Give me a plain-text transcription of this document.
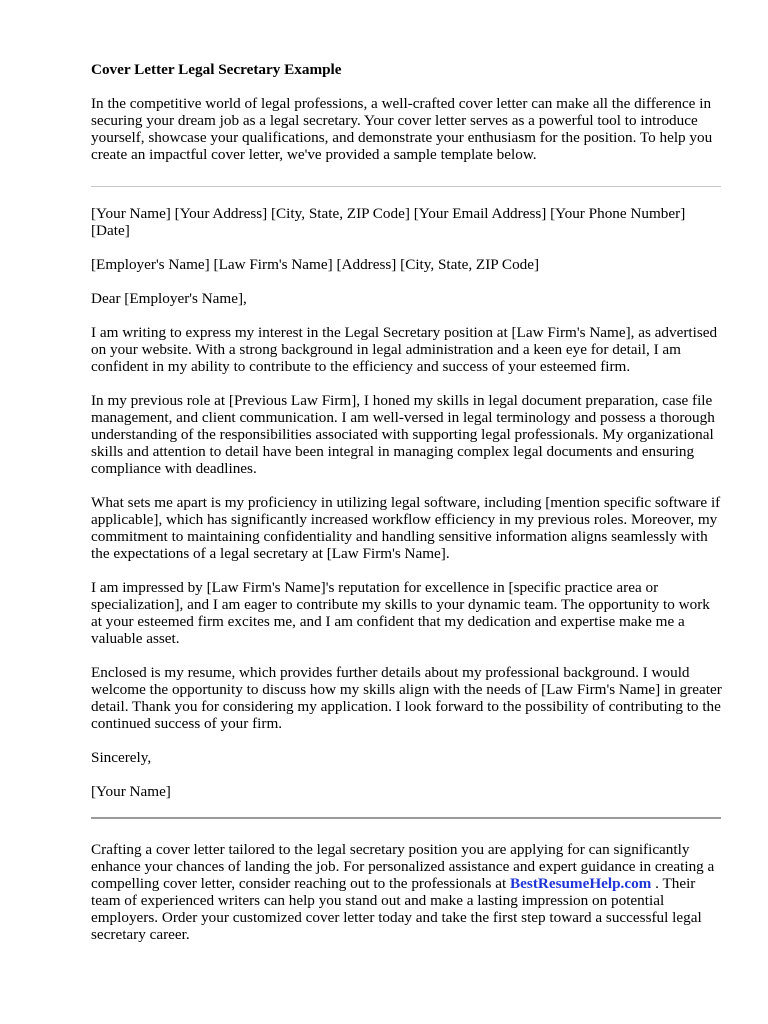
Cover Letter Legal Secretary Example

In the competitive world of legal professions, a well-crafted cover letter can make all the difference in securing your dream job as a legal secretary. Your cover letter serves as a powerful tool to introduce yourself, showcase your qualifications, and demonstrate your enthusiasm for the position. To help you create an impactful cover letter, we've provided a sample template below.

[Your Name] [Your Address] [City, State, ZIP Code] [Your Email Address] [Your Phone Number] [Date]

[Employer's Name] [Law Firm's Name] [Address] [City, State, ZIP Code]

Dear [Employer's Name],

I am writing to express my interest in the Legal Secretary position at [Law Firm's Name], as advertised on your website. With a strong background in legal administration and a keen eye for detail, I am confident in my ability to contribute to the efficiency and success of your esteemed firm.

In my previous role at [Previous Law Firm], I honed my skills in legal document preparation, case file management, and client communication. I am well-versed in legal terminology and possess a thorough understanding of the responsibilities associated with supporting legal professionals. My organizational skills and attention to detail have been integral in managing complex legal documents and ensuring compliance with deadlines.

What sets me apart is my proficiency in utilizing legal software, including [mention specific software if applicable], which has significantly increased workflow efficiency in my previous roles. Moreover, my commitment to maintaining confidentiality and handling sensitive information aligns seamlessly with the expectations of a legal secretary at [Law Firm's Name].

I am impressed by [Law Firm's Name]'s reputation for excellence in [specific practice area or specialization], and I am eager to contribute my skills to your dynamic team. The opportunity to work at your esteemed firm excites me, and I am confident that my dedication and expertise make me a valuable asset.

Enclosed is my resume, which provides further details about my professional background. I would welcome the opportunity to discuss how my skills align with the needs of [Law Firm's Name] in greater detail. Thank you for considering my application. I look forward to the possibility of contributing to the continued success of your firm.

Sincerely,

[Your Name]

Crafting a cover letter tailored to the legal secretary position you are applying for can significantly enhance your chances of landing the job. For personalized assistance and expert guidance in creating a compelling cover letter, consider reaching out to the professionals at BestResumeHelp.com . Their team of experienced writers can help you stand out and make a lasting impression on potential employers. Order your customized cover letter today and take the first step toward a successful legal secretary career.
